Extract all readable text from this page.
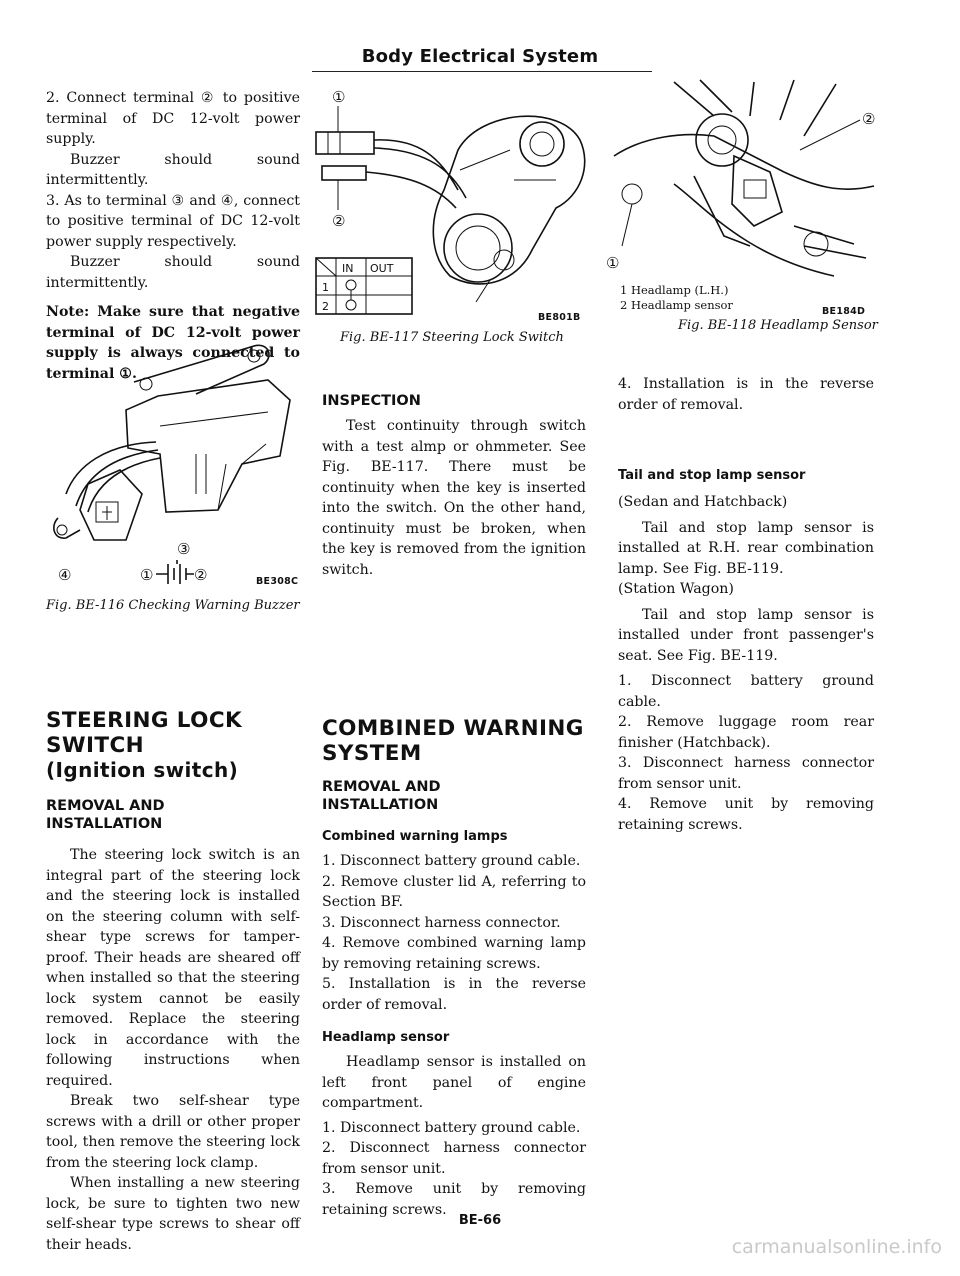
Body Electrical System

2. Connect terminal ② to positive terminal of DC 12-volt power supply.

Buzzer should sound intermittently.

3. As to terminal ③ and ④, connect to positive terminal of DC 12-volt power supply respectively.

Buzzer should sound intermittently.

Note: Make sure that negative terminal of DC 12-volt power supply is always connected to terminal ①.

④	①	②
③
BE308C
Fig. BE-116 Checking Warning Buzzer
STEERING LOCK
SWITCH
(Ignition switch)
REMOVAL AND
INSTALLATION

The steering lock switch is an integral part of the steering lock and the steering lock is installed on the steering column with self-shear type screws for tamper-proof. Their heads are sheared off when installed so that the steering lock system cannot be easily removed. Replace the steering lock in accordance with the following instructions when required.

Break two self-shear type screws with a drill or other proper tool, then remove the steering lock from the steering lock clamp.

When installing a new steering lock, be sure to tighten two new self-shear type screws to shear off their heads.

①
②
IN OUT
1
2
BE801B
Fig. BE-117 Steering Lock Switch
INSPECTION

Test continuity through switch with a test almp or ohmmeter. See Fig. BE-117. There must be continuity when the key is inserted into the switch. On the other hand, continuity must be broken, when the key is removed from the ignition switch.

COMBINED WARNING
SYSTEM
REMOVAL AND
INSTALLATION
Combined warning lamps

1. Disconnect battery ground cable.

2. Remove cluster lid A, referring to Section BF.

3. Disconnect harness connector.

4. Remove combined warning lamp by removing retaining screws.

5. Installation is in the reverse order of removal.

Headlamp sensor

Headlamp sensor is installed on left front panel of engine compartment.

1. Disconnect battery ground cable.

2. Disconnect harness connector from sensor unit.

3. Remove unit by removing retaining screws.

①
②
1 Headlamp (L.H.)
2 Headlamp sensor	BE184D
Fig. BE-118 Headlamp Sensor

4. Installation is in the reverse order of removal.

Tail and stop lamp sensor

(Sedan and Hatchback)

Tail and stop lamp sensor is installed at R.H. rear combination lamp. See Fig. BE-119.

(Station Wagon)

Tail and stop lamp sensor is installed under front passenger's seat. See Fig. BE-119.

1. Disconnect battery ground cable.

2. Remove luggage room rear finisher (Hatchback).

3. Disconnect harness connector from sensor unit.

4. Remove unit by removing retaining screws.

BE-66
carmanualsonline.info
